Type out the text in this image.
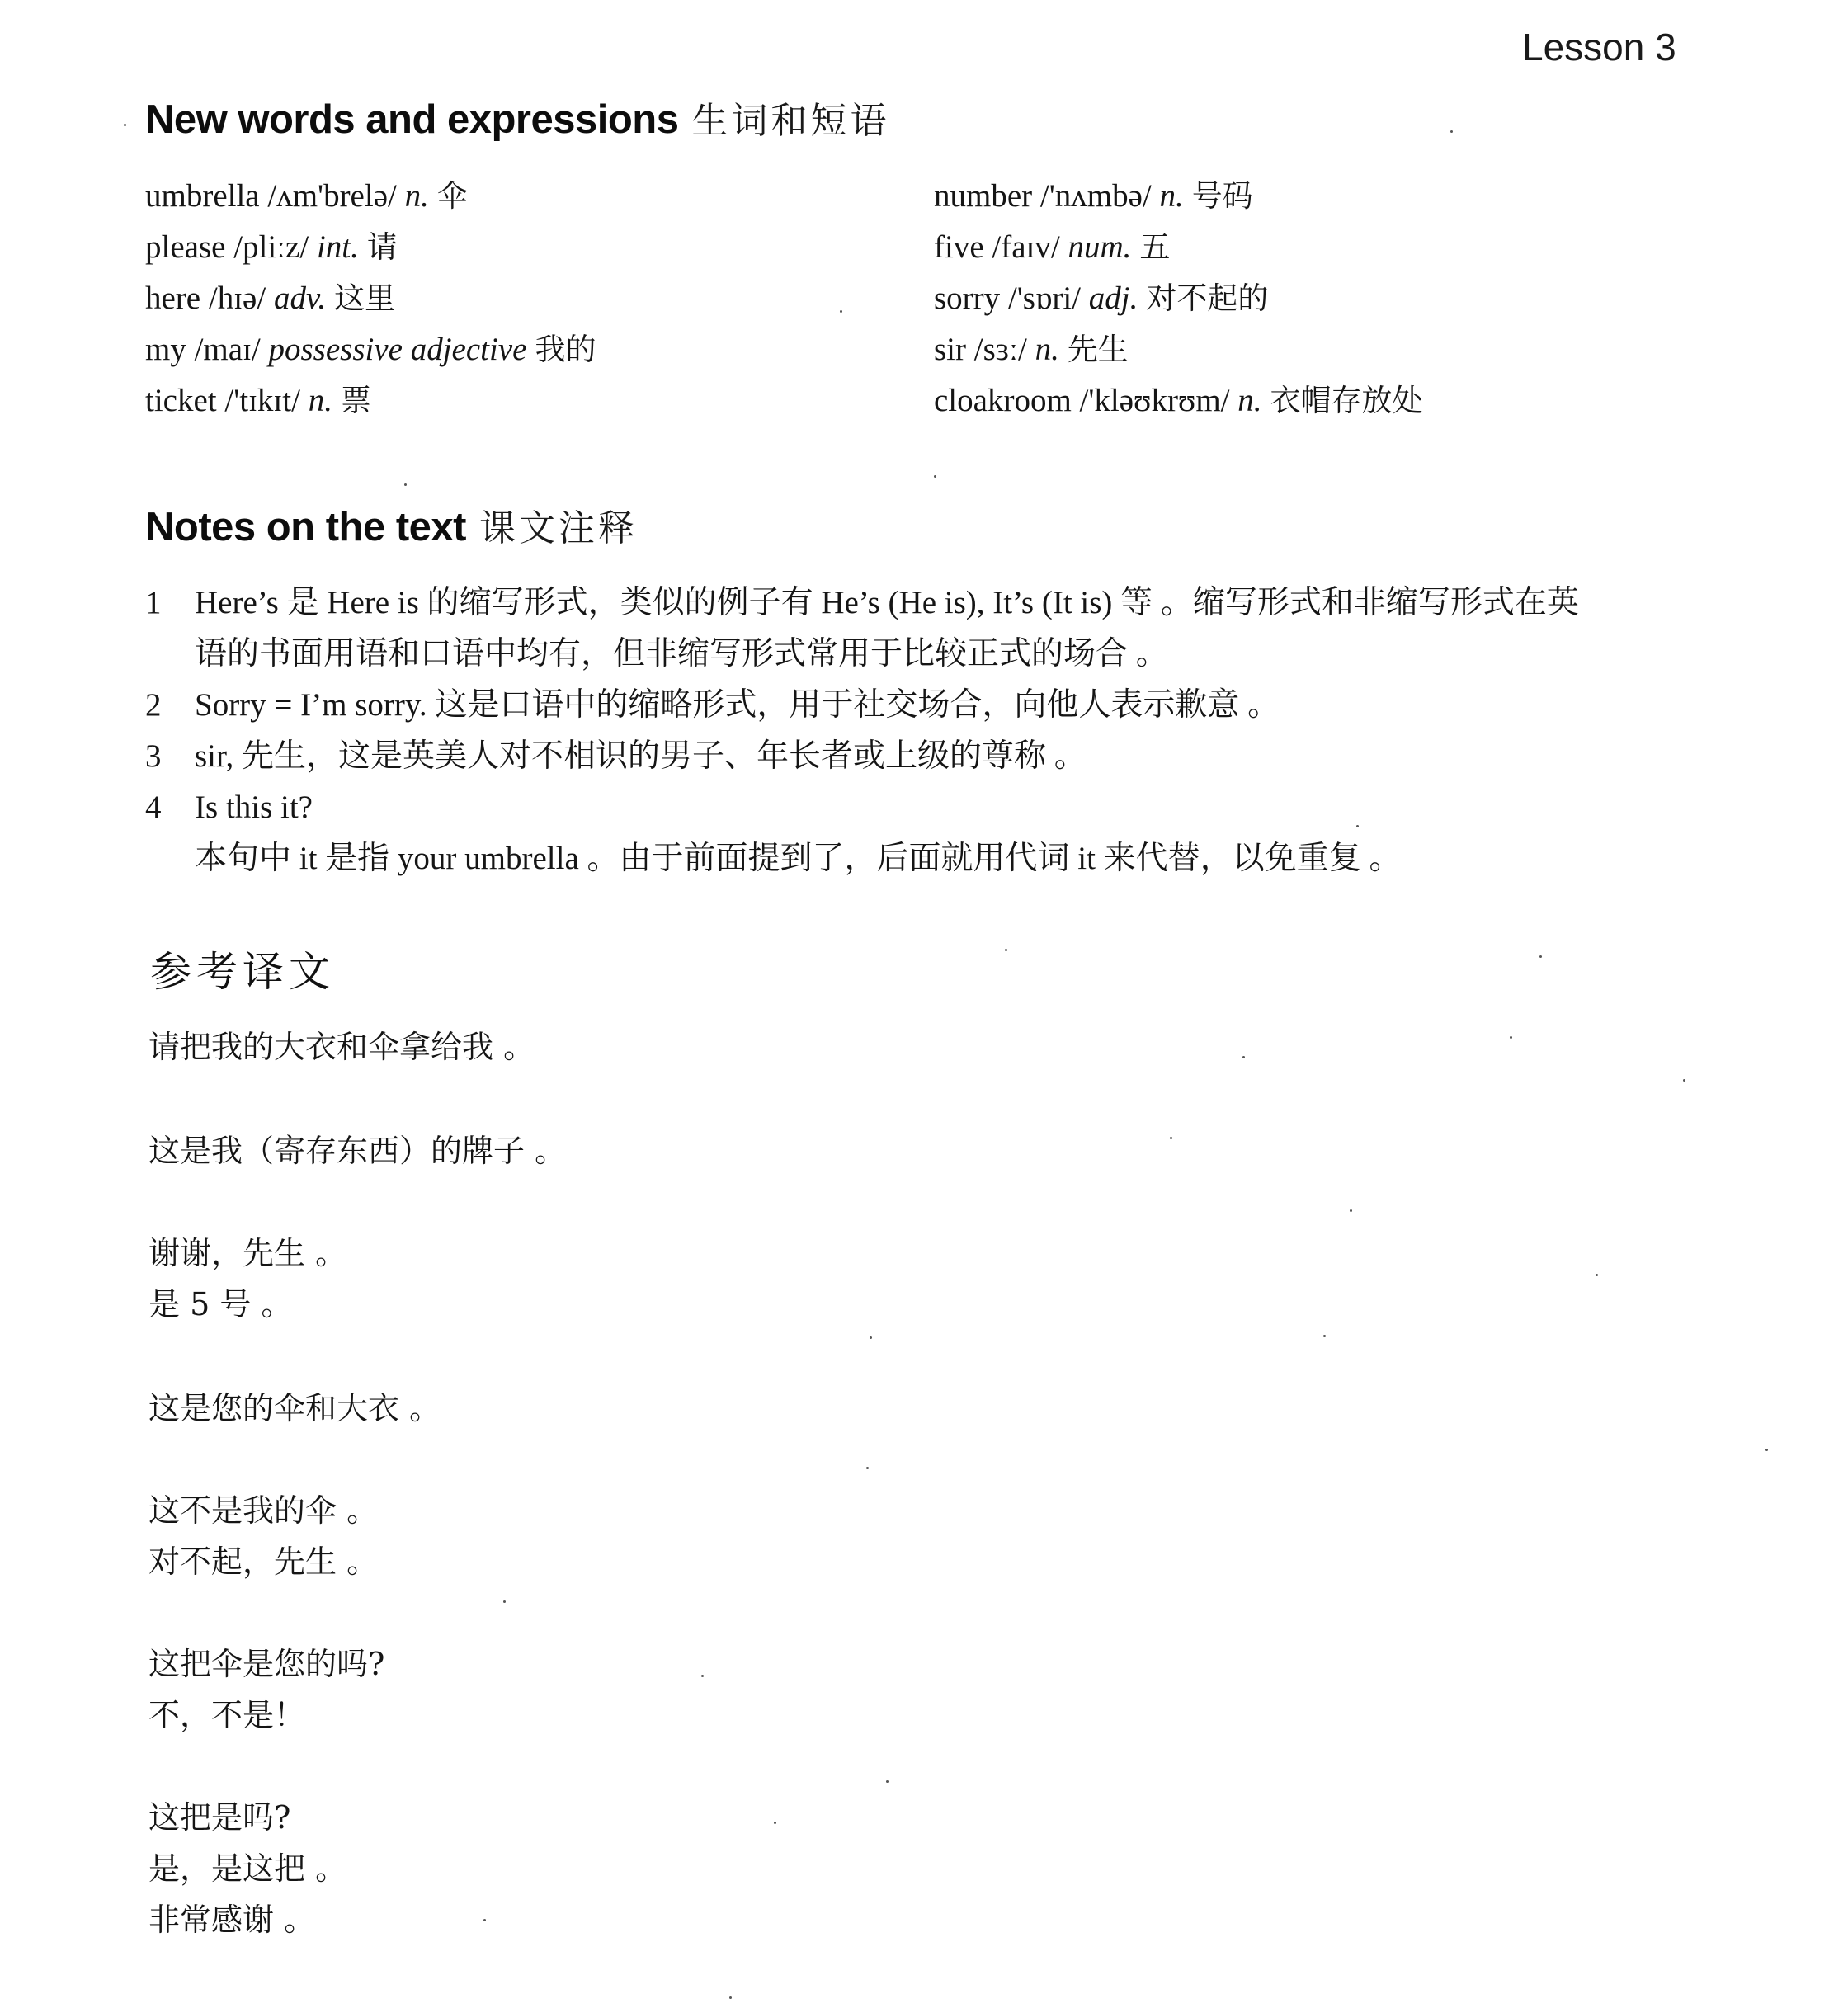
Lesson 3
New words and expressions 生词和短语
umbrella /ʌm'brelə/ n. 伞
please /pliːz/ int. 请
here /hɪə/ adv. 这里
my /maɪ/ possessive adjective 我的
ticket /'tɪkɪt/ n. 票
number /'nʌmbə/ n. 号码
five /faɪv/ num. 五
sorry /'sɒri/ adj. 对不起的
sir /sɜː/ n. 先生
cloakroom /'kləʊkrʊm/ n. 衣帽存放处
Notes on the text 课文注释
1 Here’s 是 Here is 的缩写形式，类似的例子有 He’s (He is), It’s (It is) 等 。缩写形式和非缩写形式在英
语的书面用语和口语中均有，但非缩写形式常用于比较正式的场合 。
2 Sorry = I’m sorry. 这是口语中的缩略形式，用于社交场合，向他人表示歉意 。
3 sir, 先生，这是英美人对不相识的男子、年长者或上级的尊称 。
4 Is this it?
本句中 it 是指 your umbrella 。由于前面提到了，后面就用代词 it 来代替，以免重复 。
参考译文
请把我的大衣和伞拿给我 。
这是我（寄存东西）的牌子 。
谢谢，先生 。
是 5 号 。
这是您的伞和大衣 。
这不是我的伞 。
对不起，先生 。
这把伞是您的吗?
不，不是！
这把是吗?
是，是这把 。
非常感谢 。
